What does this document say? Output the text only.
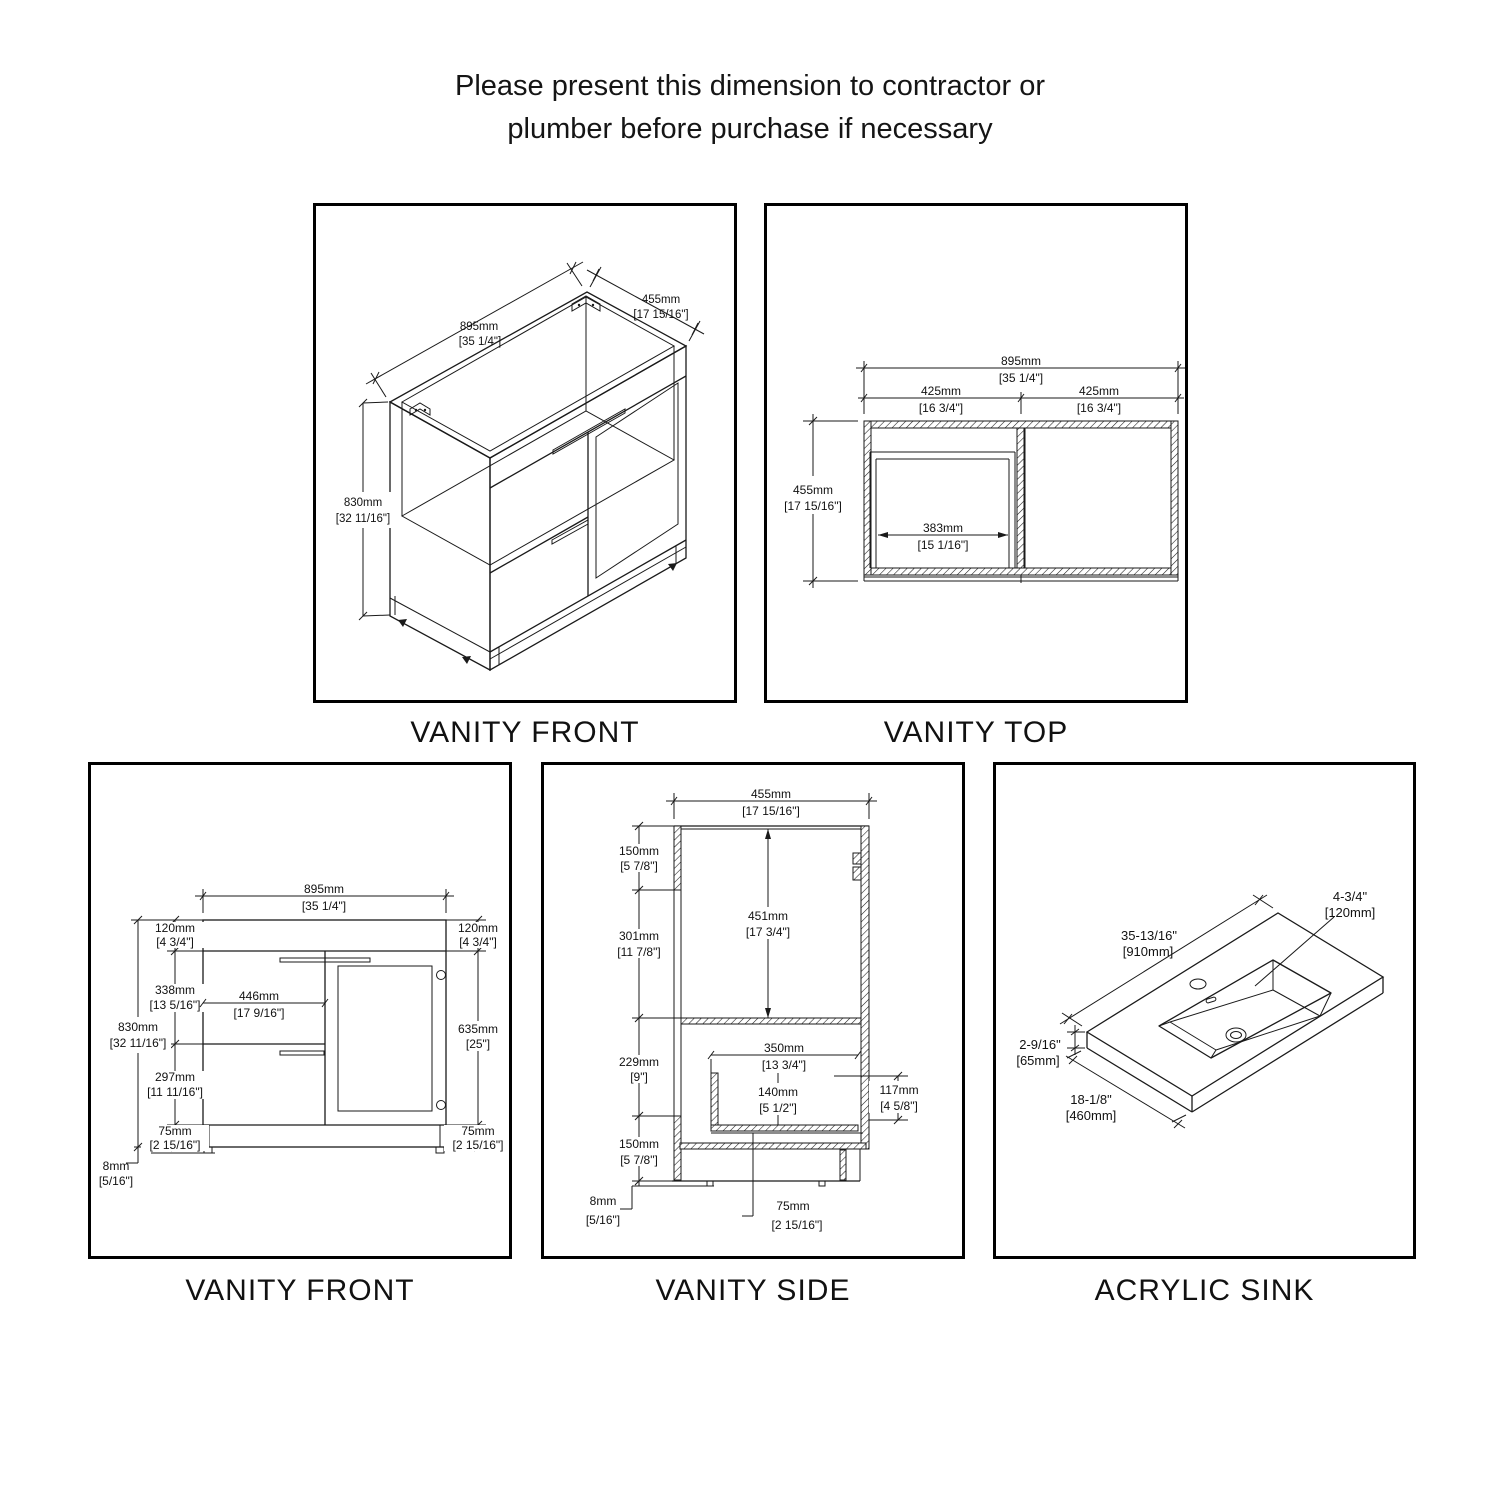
Please present this dimension to contractor or
plumber before purchase if necessary
895mm
[35 1/4"]
455mm
[17 15/16"]
830mm
[32 11/16"]
VANITY FRONT
895mm
[35 1/4"]
425mm
[16 3/4"]
425mm
[16 3/4"]
455mm
[17 15/16"]
383mm
[15 1/16"]
VANITY TOP
895mm
[35 1/4"]
120mm
[4 3/4"]
338mm
[13 5/16"]
297mm
[11 11/16"]
75mm
[2 15/16"]
830mm
[32 11/16"]
8mm
[5/16"]
120mm
[4 3/4"]
635mm
[25"]
75mm
[2 15/16"]
446mm
[17 9/16"]
VANITY FRONT
455mm
[17 15/16"]
150mm
[5 7/8"]
301mm
[11 7/8"]
229mm
[9"]
150mm
[5 7/8"]
8mm
[5/16"]
451mm
[17 3/4"]
350mm
[13 3/4"]
140mm
[5 1/2"]
117mm
[4 5/8"]
75mm
[2 15/16"]
VANITY SIDE
35-13/16"
[910mm]
4-3/4"
[120mm]
2-9/16"
[65mm]
18-1/8"
[460mm]
ACRYLIC SINK
